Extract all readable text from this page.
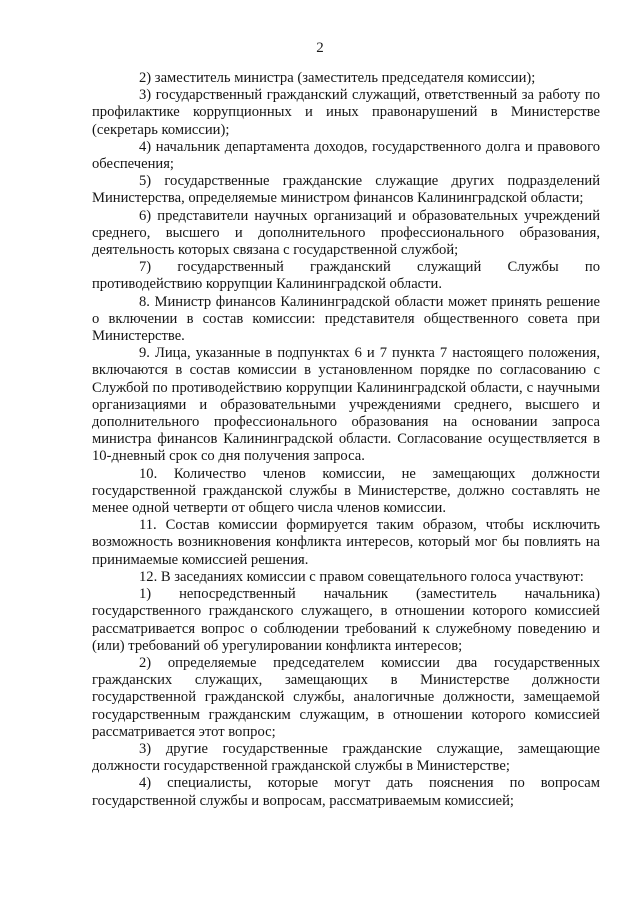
2

2) заместитель министра (заместитель председателя комиссии);

3) государственный гражданский служащий, ответственный за работу по профилактике коррупционных и иных правонарушений в Министерстве (секретарь комиссии);

4) начальник департамента доходов, государственного долга и правового обеспечения;

5) государственные гражданские служащие других подразделений Министерства, определяемые министром финансов Калининградской области;

6) представители научных организаций и образовательных учреждений среднего, высшего и дополнительного профессионального образования, деятельность которых связана с государственной службой;

7) государственный гражданский служащий Службы по противодействию коррупции Калининградской области.

8. Министр финансов Калининградской области может принять решение о включении в состав комиссии: представителя общественного совета при Министерстве.

9. Лица, указанные в подпунктах 6 и 7 пункта 7 настоящего положения, включаются в состав комиссии в установленном порядке по согласованию с Службой по противодействию коррупции Калининградской области, с научными организациями и образовательными учреждениями среднего, высшего и дополнительного профессионального образования на основании запроса министра финансов Калининградской области. Согласование осуществляется в 10-дневный срок со дня получения запроса.

10. Количество членов комиссии, не замещающих должности государственной гражданской службы в Министерстве, должно составлять не менее одной четверти от общего числа членов комиссии.

11. Состав комиссии формируется таким образом, чтобы исключить возможность возникновения конфликта интересов, который мог бы повлиять на принимаемые комиссией решения.

12. В заседаниях комиссии с правом совещательного голоса участвуют:

1) непосредственный начальник (заместитель начальника) государственного гражданского служащего, в отношении которого комиссией рассматривается вопрос о соблюдении требований к служебному поведению и (или) требований об урегулировании конфликта интересов;

2) определяемые председателем комиссии два государственных гражданских служащих, замещающих в Министерстве должности государственной гражданской службы, аналогичные должности, замещаемой государственным гражданским служащим, в отношении которого комиссией рассматривается этот вопрос;

3) другие государственные гражданские служащие, замещающие должности государственной гражданской службы в Министерстве;

4) специалисты, которые могут дать пояснения по вопросам государственной службы и вопросам, рассматриваемым комиссией;
